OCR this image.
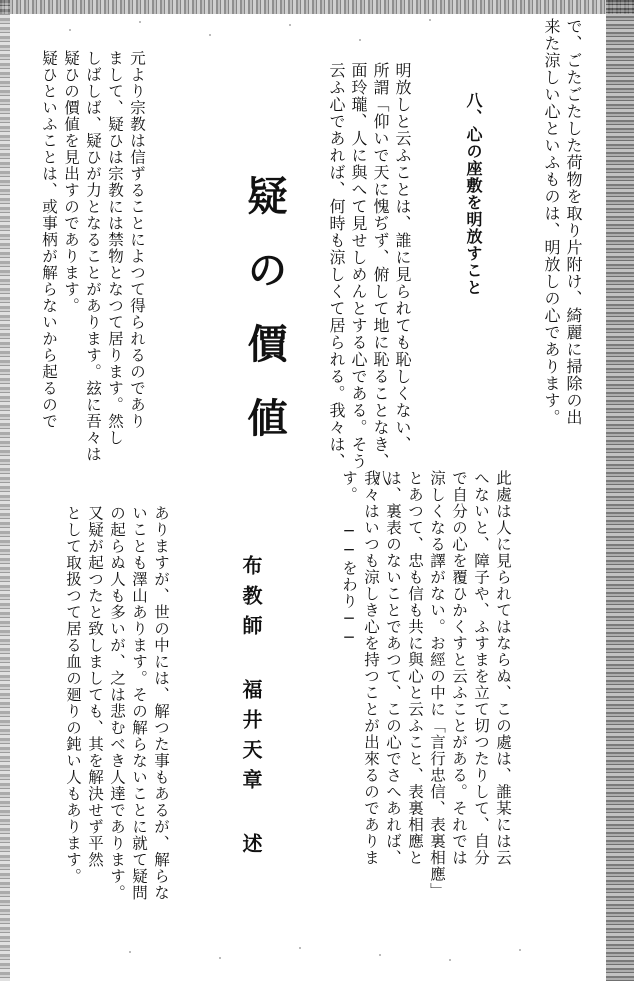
で、ごたごたした荷物を取り片附け、綺麗に掃除の出
来た涼しい心といふものは、明放しの心であります。
八、心の座敷を明放すこと
明放しと云ふことは、誰に見られても恥しくない、
所謂「仰いで天に愧ぢず、俯して地に恥ることなき、八
面玲瓏、人に與へて見せしめんとする心である。そう
云ふ心であれば、何時も涼しくて居られる。我々は、
此處は人に見られてはならぬ、この處は、誰某には云
へないと、障子や、ふすまを立て切つたりして、自分
で自分の心を覆ひかくすと云ふことがある。それでは
涼しくなる譯がない。お經の中に「言行忠信、表裏相應」
とあつて、忠も信も共に與心と云ふこと、表裏相應と
は、裏表のないことであつて、この心でさへあれば、
我々はいつも涼しき心を持つことが出來るのでありま
す。 ──をわり──
疑の價値
布教師 福井天章 述
ありますが、世の中には、解つた事もあるが、解らな
いことも澤山あります。その解らないことに就て疑問
の起らぬ人も多いが、之は悲むべき人達であります。
又疑が起つたと致しましても、其を解決せず平然
として取扱つて居る血の廻りの鈍い人もあります。
元より宗教は信ずることによつて得られるのであり
まして、疑ひは宗教には禁物となつて居ります。然し
しばしば、疑ひが力となることがあります。玆に吾々は
疑ひの價値を見出すのであります。
疑ひといふことは、或事柄が解らないから起るので
